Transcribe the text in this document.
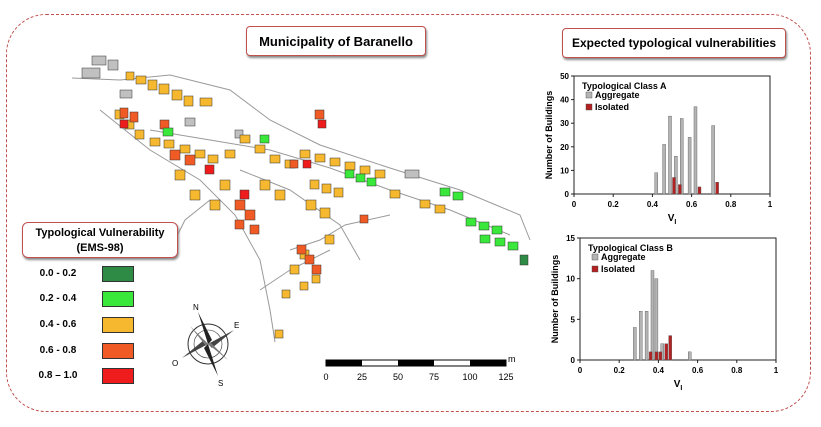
Municipality of Baranello	Expected typological vulnerabilities
Typological Vulnerability
(EMS-98)
0.0 - 0.2
0.2 - 0.4
0.4 - 0.6
0.6 - 0.8
0.8 – 1.0
N
E
S
O	m
0	25	50	75	100 125
0
10
20
30
40
50
0	0.2	0.4	0.6	0.8	1
Typological Class A
Aggregate
Isolated
$V_I$
Number of Buildings
0
5
10
15
0	0.2	0.4	0.6	0.8	1
Typological Class B
Aggregate
Isolated
$V_I$
Number of Buildings
